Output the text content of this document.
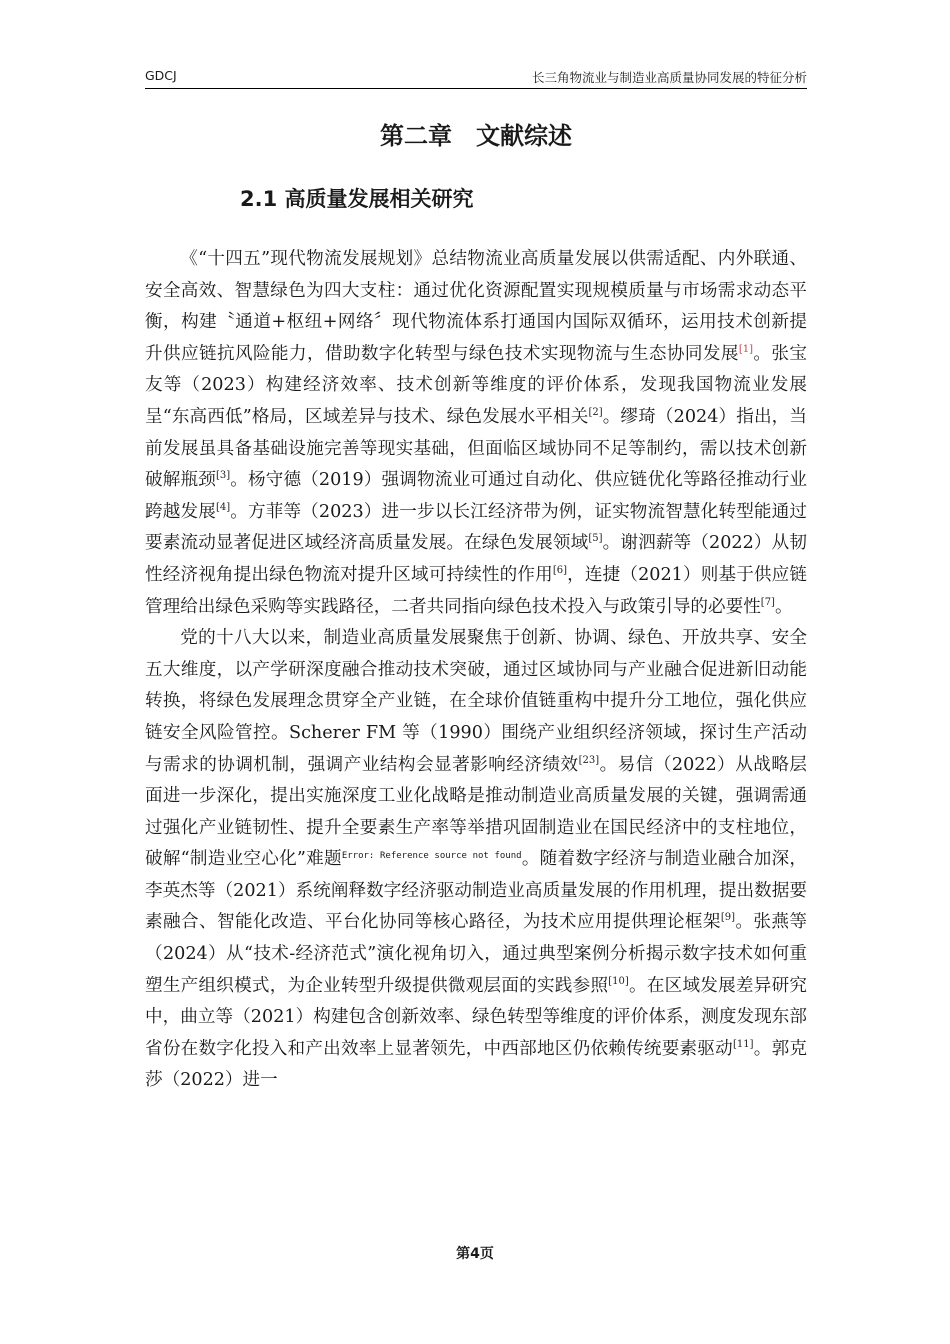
GDCJ	长三角物流业与制造业高质量协同发展的特征分析
第二章　文献综述
2.1 高质量发展相关研究

《“十四五”现代物流发展规划》总结物流业高质量发展以供需适配、内外联通、安全高效、智慧绿色为四大支柱：通过优化资源配置实现规模质量与市场需求动态平衡，构建〝通道+枢纽+网络〞现代物流体系打通国内国际双循环，运用技术创新提升供应链抗风险能力，借助数字化转型与绿色技术实现物流与生态协同发展[1]。张宝友等（2023）构建经济效率、技术创新等维度的评价体系，发现我国物流业发展呈“东高西低”格局，区域差异与技术、绿色发展水平相关[2]。缪琦（2024）指出，当前发展虽具备基础设施完善等现实基础，但面临区域协同不足等制约，需以技术创新破解瓶颈[3]。杨守德（2019）强调物流业可通过自动化、供应链优化等路径推动行业跨越发展[4]。方菲等（2023）进一步以长江经济带为例，证实物流智慧化转型能通过要素流动显著促进区域经济高质量发展。在绿色发展领域[5]。谢泗薪等（2022）从韧性经济视角提出绿色物流对提升区域可持续性的作用[6]，连捷（2021）则基于供应链管理给出绿色采购等实践路径，二者共同指向绿色技术投入与政策引导的必要性[7]。

党的十八大以来，制造业高质量发展聚焦于创新、协调、绿色、开放共享、安全五大维度，以产学研深度融合推动技术突破，通过区域协同与产业融合促进新旧动能转换，将绿色发展理念贯穿全产业链，在全球价值链重构中提升分工地位，强化供应链安全风险管控。Scherer FM 等（1990）围绕产业组织经济领域，探讨生产活动与需求的协调机制，强调产业结构会显著影响经济绩效[23]。易信（2022）从战略层面进一步深化，提出实施深度工业化战略是推动制造业高质量发展的关键，强调需通过强化产业链韧性、提升全要素生产率等举措巩固制造业在国民经济中的支柱地位，破解“制造业空心化”难题$^{Error: Reference source not found}$。随着数字经济与制造业融合加深，李英杰等（2021）系统阐释数字经济驱动制造业高质量发展的作用机理，提出数据要素融合、智能化改造、平台化协同等核心路径，为技术应用提供理论框架[9]。张燕等（2024）从“技术-经济范式”演化视角切入，通过典型案例分析揭示数字技术如何重塑生产组织模式，为企业转型升级提供微观层面的实践参照[10]。在区域发展差异研究中，曲立等（2021）构建包含创新效率、绿色转型等维度的评价体系，测度发现东部省份在数字化投入和产出效率上显著领先，中西部地区仍依赖传统要素驱动[11]。郭克莎（2022）进一

第4页
